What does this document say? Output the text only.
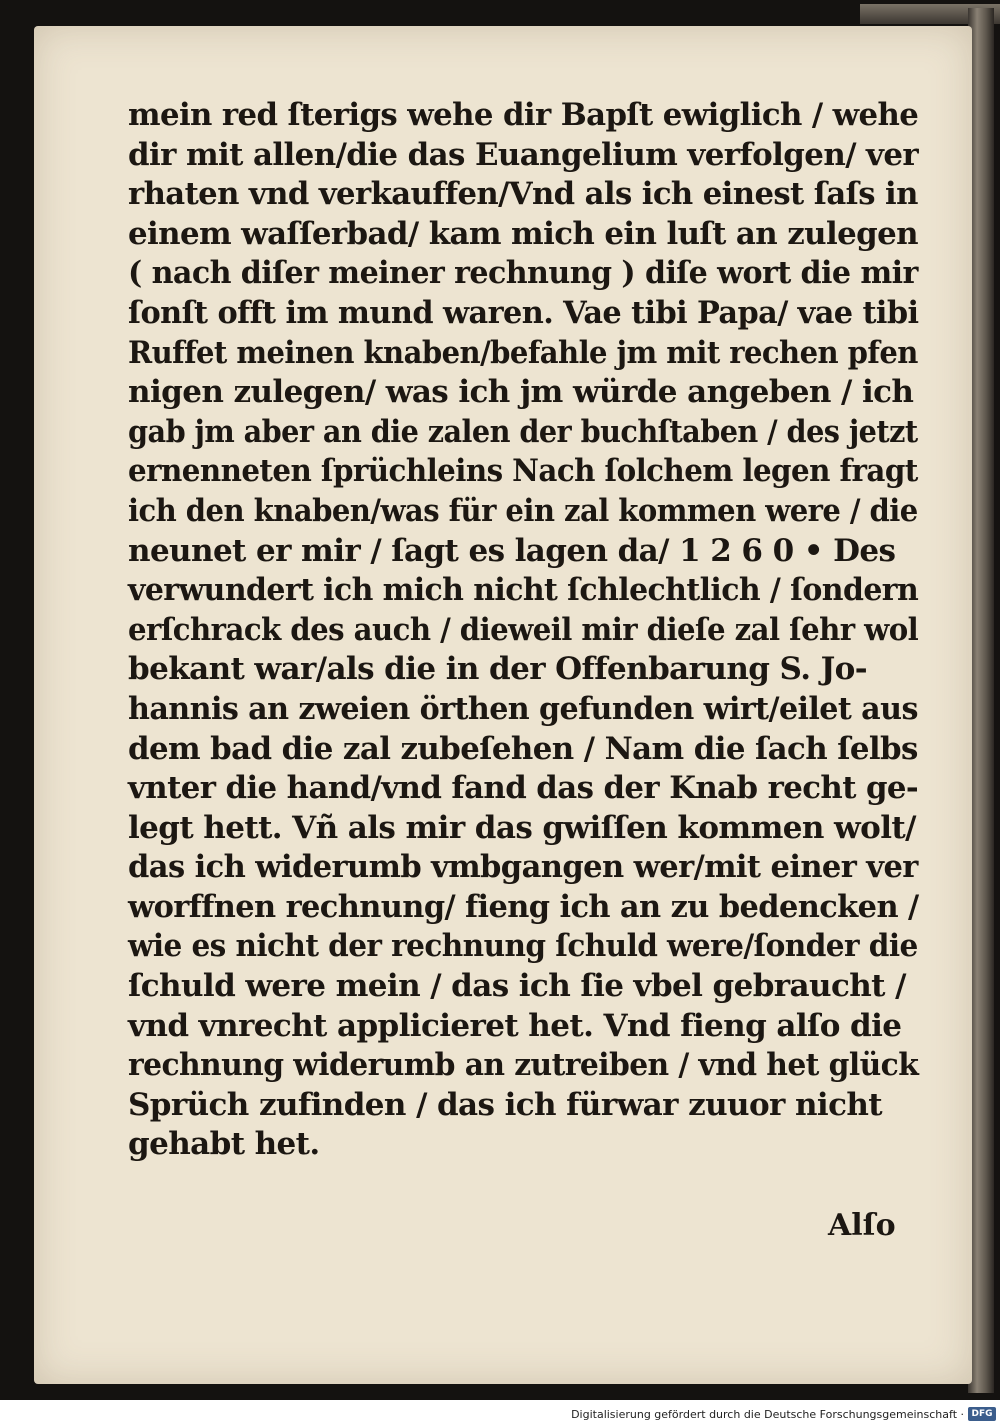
mein red ſterigs wehe dir Bapſt ewiglich / wehe
dir mit allen/die das Euangelium verfolgen/ ver
rhaten vnd verkauffen/Vnd als ich einest ſaſs in
einem waſſerbad/ kam mich ein luſt an zulegen
( nach diſer meiner rechnung ) diſe wort die mir
ſonſt offt im mund waren. Vae tibi Papa/ vae tibi
Ruffet meinen knaben/befahle jm mit rechen pfen
nigen zulegen/ was ich jm würde angeben / ich
gab jm aber an die zalen der buchſtaben / des jetzt
ernenneten ſprüchleins Nach ſolchem legen fragt
ich den knaben/was für ein zal kommen were / die
neunet er mir / ſagt es lagen da/ 1 2 6 0 • Des
verwundert ich mich nicht ſchlechtlich / ſondern
erſchrack des auch / dieweil mir dieſe zal ſehr wol
bekant war/als die in der Offenbarung S. Jo-
hannis an zweien örthen gefunden wirt/eilet aus
dem bad die zal zubeſehen / Nam die ſach ſelbs
vnter die hand/vnd fand das der Knab recht ge-
legt hett. Vñ als mir das gwiſſen kommen wolt/
das ich widerumb vmbgangen wer/mit einer ver
worffnen rechnung/ fieng ich an zu bedencken /
wie es nicht der rechnung ſchuld were/ſonder die
ſchuld were mein / das ich ſie vbel gebraucht /
vnd vnrecht applicieret het. Vnd fieng alſo die
rechnung widerumb an zutreiben / vnd het glück
Sprüch zufinden / das ich fürwar zuuor nicht
gehabt het.
Alſo
Digitalisierung gefördert durch die Deutsche Forschungsgemeinschaft · DFG
